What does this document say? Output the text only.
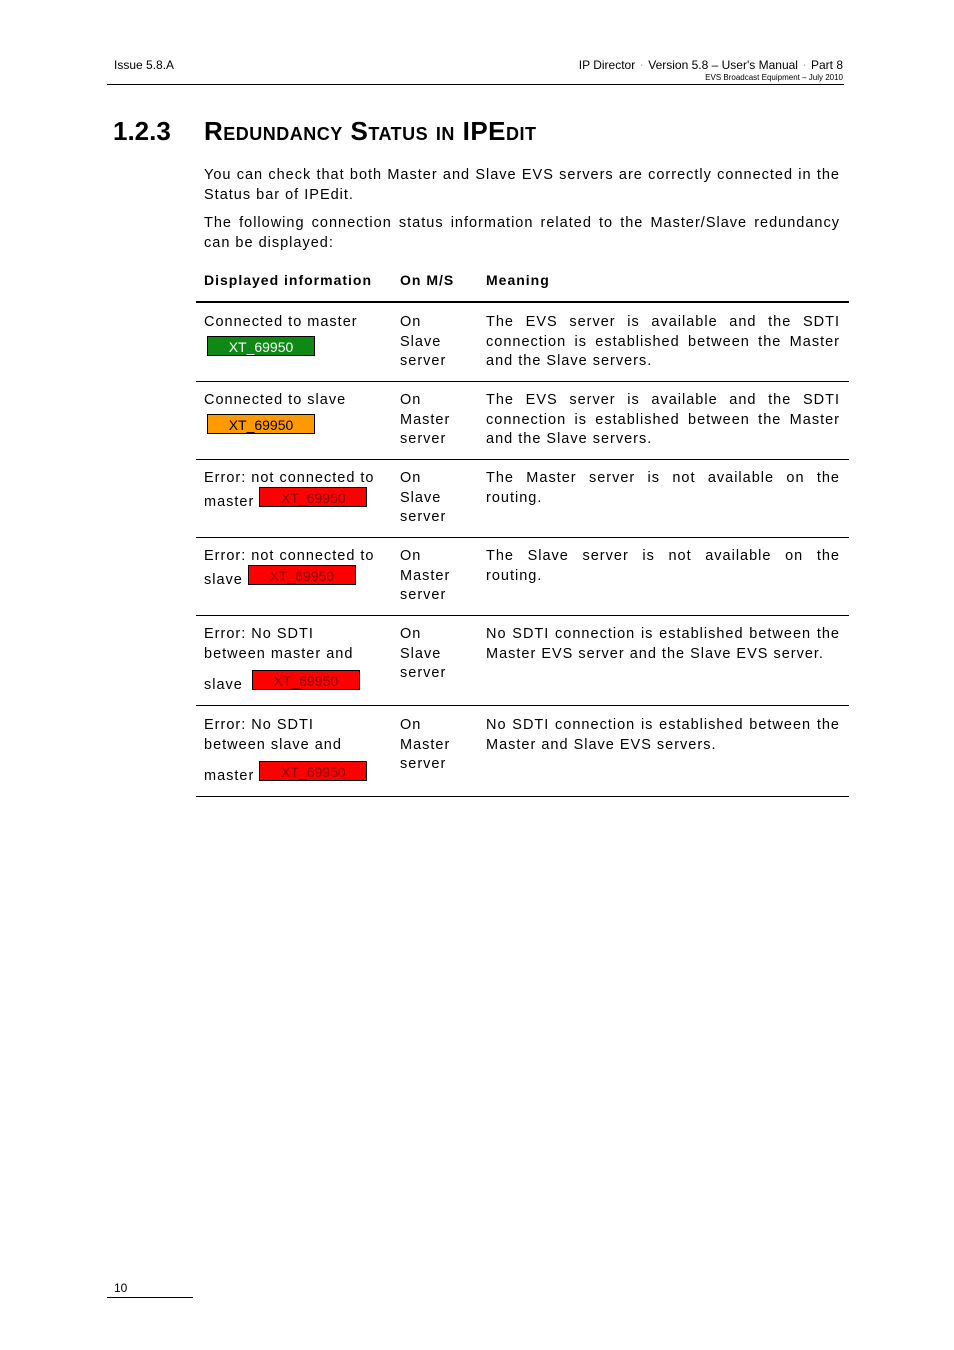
Issue 5.8.A	IP Director · Version 5.8 – User's Manual · Part 8
EVS Broadcast Equipment – July 2010
1.2.3 Redundancy Status in IPEdit
You can check that both Master and Slave EVS servers are correctly connected in the Status bar of IPEdit.
The following connection status information related to the Master/Slave redundancy can be displayed:
Displayed information On M/S Meaning
Connected to master
XT_69950
On
Slave
server
The EVS server is available and the SDTI connection is established between the Master and the Slave servers.
Connected to slave
XT_69950
On
Master
server
The EVS server is available and the SDTI connection is established between the Master and the Slave servers.
Error: not connected to
master XT_69950
On
Slave
server
The Master server is not available on the routing.
Error: not connected to
slave XT_69950
On
Master
server
The Slave server is not available on the routing.
Error: No SDTI
between master and
slave XT_69950
On
Slave
server
No SDTI connection is established between the Master EVS server and the Slave EVS server.
Error: No SDTI
between slave and
master XT_69950
On
Master
server
No SDTI connection is established between the Master and Slave EVS servers.
10
